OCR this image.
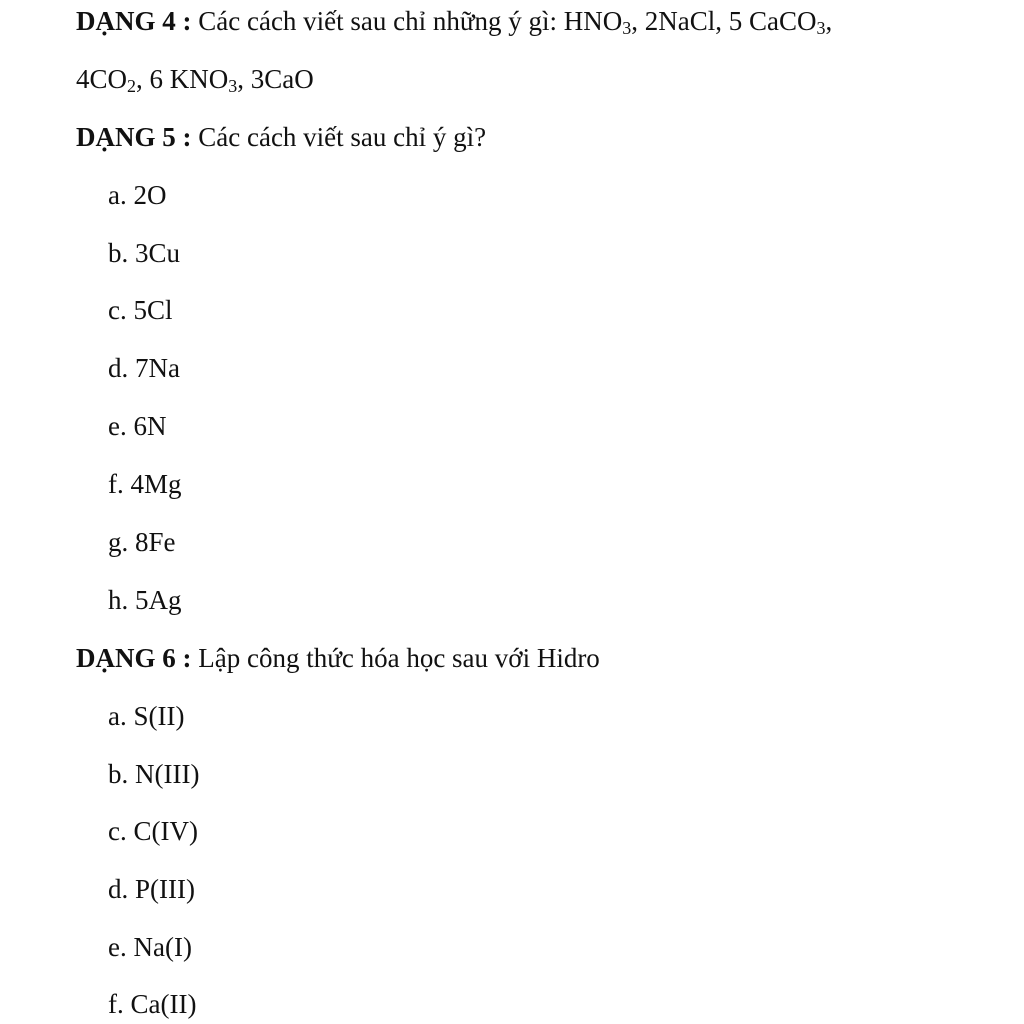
DẠNG 4 : Các cách viết sau chỉ những ý gì: $HNO_3$, 2NaCl, 5 CaCO$_3$,
$4CO_2$, 6 $KNO_3$, 3CaO
DẠNG 5 : Các cách viết sau chỉ ý gì?
a. 2O
b. 3Cu
c. 5Cl
d. 7Na
e. 6N
f. 4Mg
g. 8Fe
h. 5Ag
DẠNG 6 : Lập công thức hóa học sau với Hidro
a. S(II)
b. N(III)
c. C(IV)
d. P(III)
e. Na(I)
f. Ca(II)
